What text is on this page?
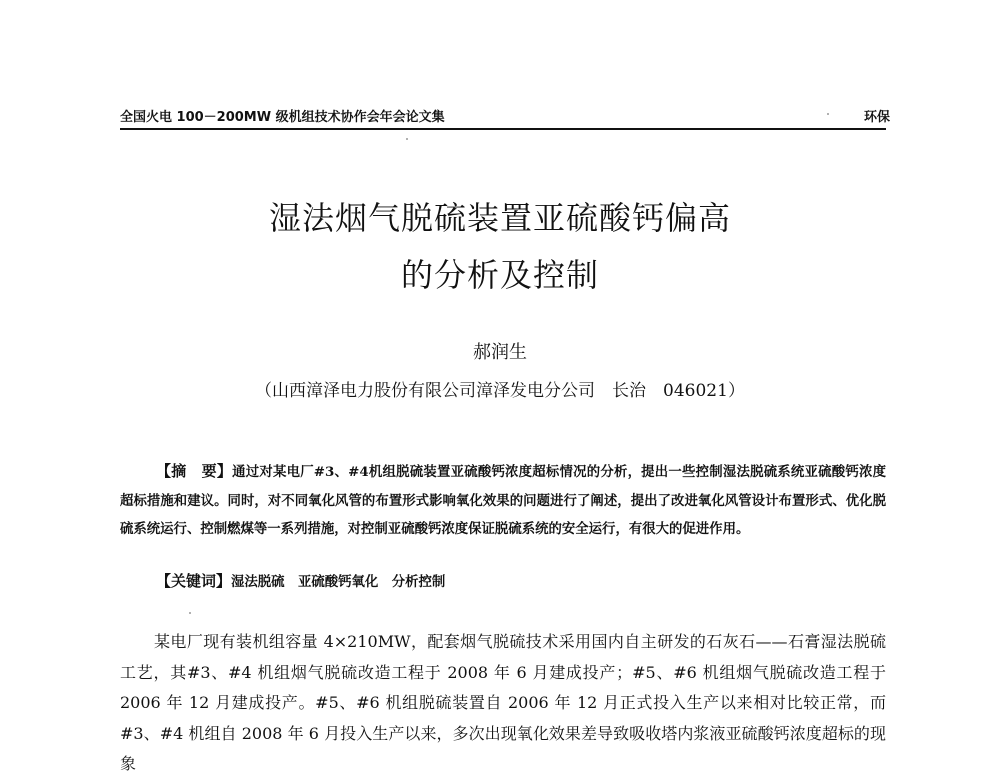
全国火电 100－200MW 级机组技术协作会年会论文集	环保
湿法烟气脱硫装置亚硫酸钙偏高
的分析及控制
郝润生
（山西漳泽电力股份有限公司漳泽发电分公司　长治　046021）

【摘　要】通过对某电厂#3、#4机组脱硫装置亚硫酸钙浓度超标情况的分析，提出一些控制湿法脱硫系统亚硫酸钙浓度超标措施和建议。同时，对不同氧化风管的布置形式影响氧化效果的问题进行了阐述，提出了改进氧化风管设计布置形式、优化脱硫系统运行、控制燃煤等一系列措施，对控制亚硫酸钙浓度保证脱硫系统的安全运行，有很大的促进作用。

【关键词】湿法脱硫　亚硫酸钙氧化　分析控制

某电厂现有装机组容量 4×210MW，配套烟气脱硫技术采用国内自主研发的石灰石——石膏湿法脱硫工艺，其#3、#4 机组烟气脱硫改造工程于 2008 年 6 月建成投产；#5、#6 机组烟气脱硫改造工程于 2006 年 12 月建成投产。#5、#6 机组脱硫装置自 2006 年 12 月正式投入生产以来相对比较正常，而#3、#4 机组自 2008 年 6 月投入生产以来，多次出现氧化效果差导致吸收塔内浆液亚硫酸钙浓度超标的现象
